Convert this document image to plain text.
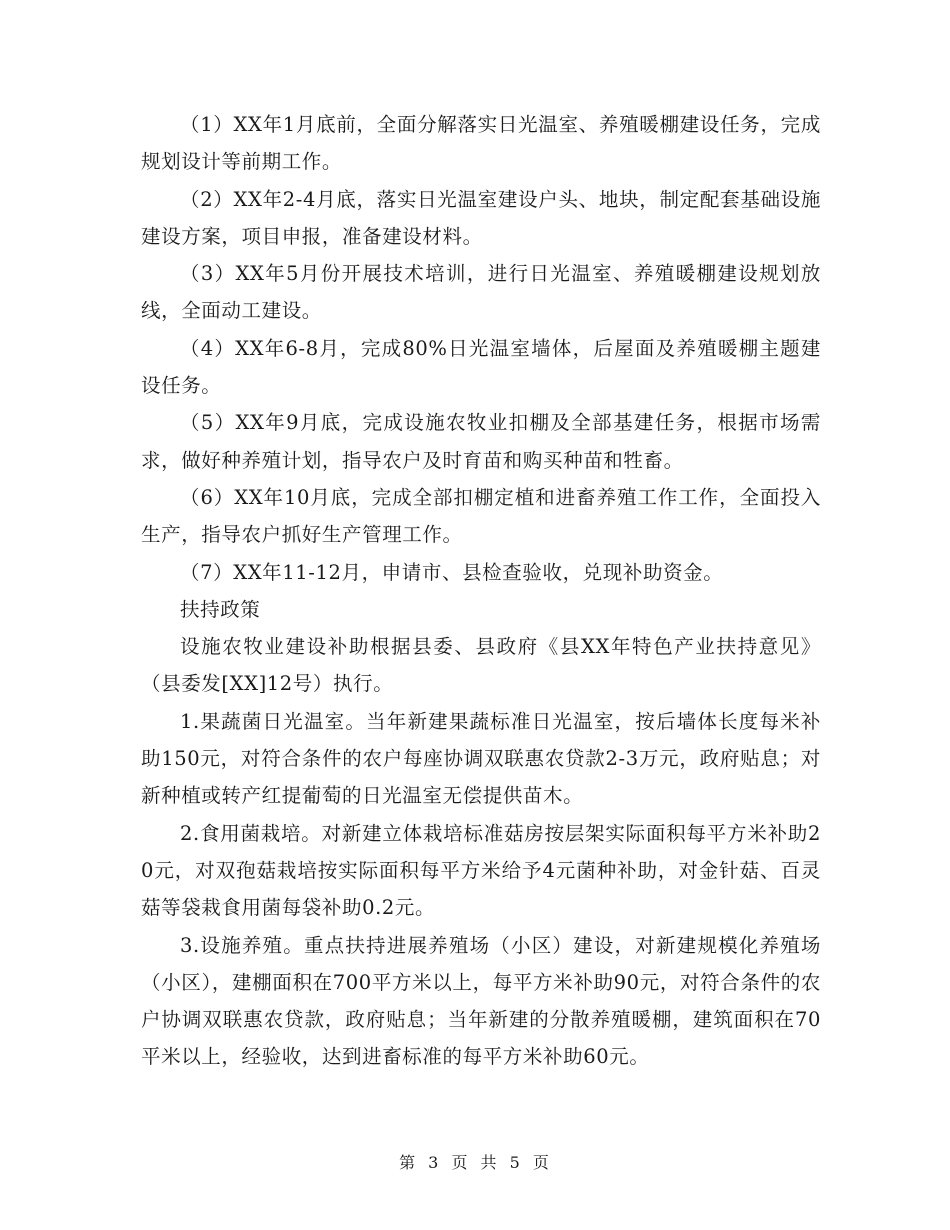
（1）XX年1月底前，全面分解落实日光温室、养殖暖棚建设任务，完成规划设计等前期工作。

（2）XX年2-4月底，落实日光温室建设户头、地块，制定配套基础设施建设方案，项目申报，准备建设材料。

（3）XX年5月份开展技术培训，进行日光温室、养殖暖棚建设规划放线，全面动工建设。

（4）XX年6-8月，完成80%日光温室墙体，后屋面及养殖暖棚主题建设任务。

（5）XX年9月底，完成设施农牧业扣棚及全部基建任务，根据市场需求，做好种养殖计划，指导农户及时育苗和购买种苗和牲畜。

（6）XX年10月底，完成全部扣棚定植和进畜养殖工作工作，全面投入生产，指导农户抓好生产管理工作。

（7）XX年11-12月，申请市、县检查验收，兑现补助资金。

扶持政策

设施农牧业建设补助根据县委、县政府《县XX年特色产业扶持意见》（县委发[XX]12号）执行。

1.果蔬菌日光温室。当年新建果蔬标准日光温室，按后墙体长度每米补助150元，对符合条件的农户每座协调双联惠农贷款2-3万元，政府贴息；对新种植或转产红提葡萄的日光温室无偿提供苗木。

2.食用菌栽培。对新建立体栽培标准菇房按层架实际面积每平方米补助20元，对双孢菇栽培按实际面积每平方米给予4元菌种补助，对金针菇、百灵菇等袋栽食用菌每袋补助0.2元。

3.设施养殖。重点扶持进展养殖场（小区）建设，对新建规模化养殖场（小区），建棚面积在700平方米以上，每平方米补助90元，对符合条件的农户协调双联惠农贷款，政府贴息；当年新建的分散养殖暖棚，建筑面积在70平米以上，经验收，达到进畜标准的每平方米补助60元。

第 3 页 共 5 页
